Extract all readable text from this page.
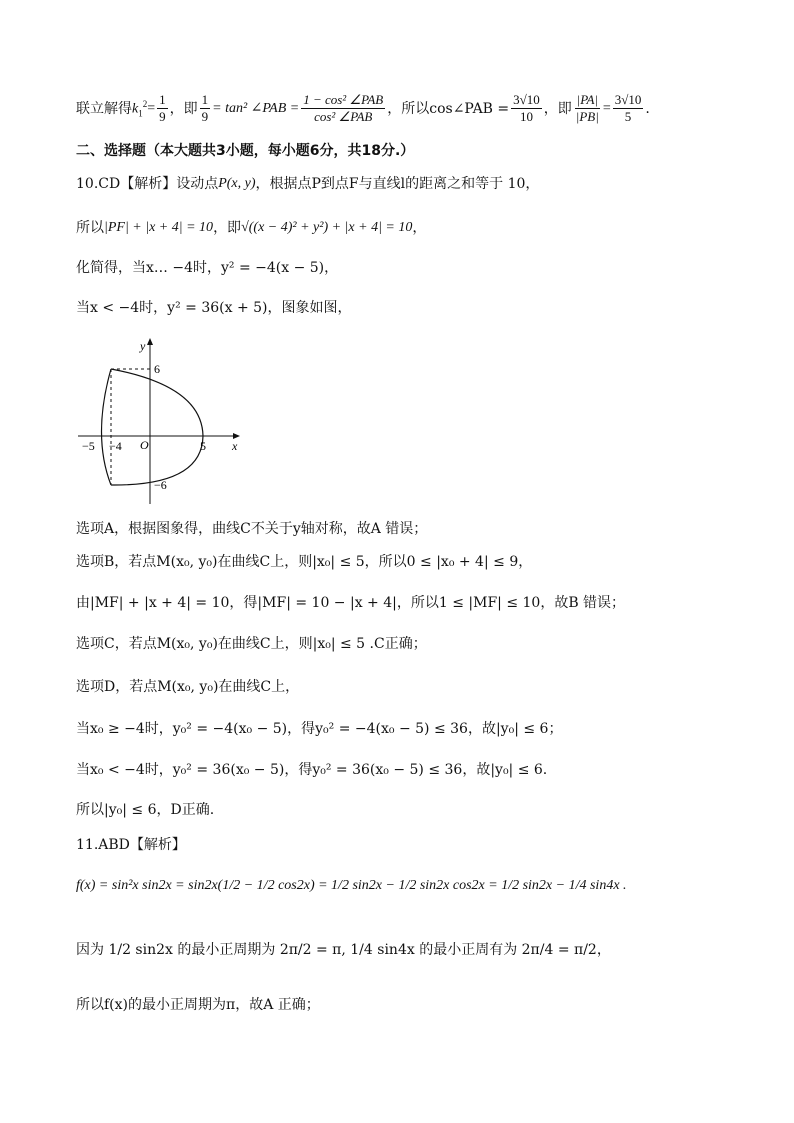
联立解得 $k_1^2 = \frac{1}{9}$ ，即 $\frac{1}{9} = \tan^2$ ∠PAB = $\frac{\text{1 − cos² ∠PAB}}{\text{cos² ∠PAB}}$ ，所以cos∠PAB = $\frac{3√10}{10}$ ，即 $\frac{|PA|}{|PB|} = \frac{3√10}{5}$ .
二、选择题（本大题共3小题，每小题6分，共18分.）
10.CD【解析】设动点 P(x, y) ，根据点P到点F与直线l的距离之和等于 10，
所以 |PF| + |x + 4| = 10 ，即 √((x − 4)² + y²) + |x + 4| = 10 ，
化简得，当x… −4时，y² = −4(x − 5)，
当x < −4时，y² = 36(x + 5)，图象如图，
y
x
O
6
−6
5
−5 −4
选项A，根据图象得，曲线C不关于y轴对称，故A 错误；
选项B，若点M(x₀, y₀)在曲线C上，则|x₀| ≤ 5，所以0 ≤ |x₀ + 4| ≤ 9，
由|MF| + |x + 4| = 10，得|MF| = 10 − |x + 4|，所以1 ≤ |MF| ≤ 10，故B 错误；
选项C，若点M(x₀, y₀)在曲线C上，则|x₀| ≤ 5 .C正确；
选项D，若点M(x₀, y₀)在曲线C上，
当x₀ ≥ −4时，y₀² = −4(x₀ − 5)，得y₀² = −4(x₀ − 5) ≤ 36，故|y₀| ≤ 6；
当x₀ < −4时，y₀² = 36(x₀ − 5)，得y₀² = 36(x₀ − 5) ≤ 36，故|y₀| ≤ 6.
所以|y₀| ≤ 6，D正确.
11.ABD【解析】
f(x) = sin²x sin2x = sin2x(1/2 − 1/2 cos2x) = 1/2 sin2x − 1/2 sin2x cos2x = 1/2 sin2x − 1/4 sin4x .
因为 1/2 sin2x 的最小正周期为 2π/2 = π, 1/4 sin4x 的最小正周有为 2π/4 = π/2，
所以f(x)的最小正周期为π，故A 正确；
